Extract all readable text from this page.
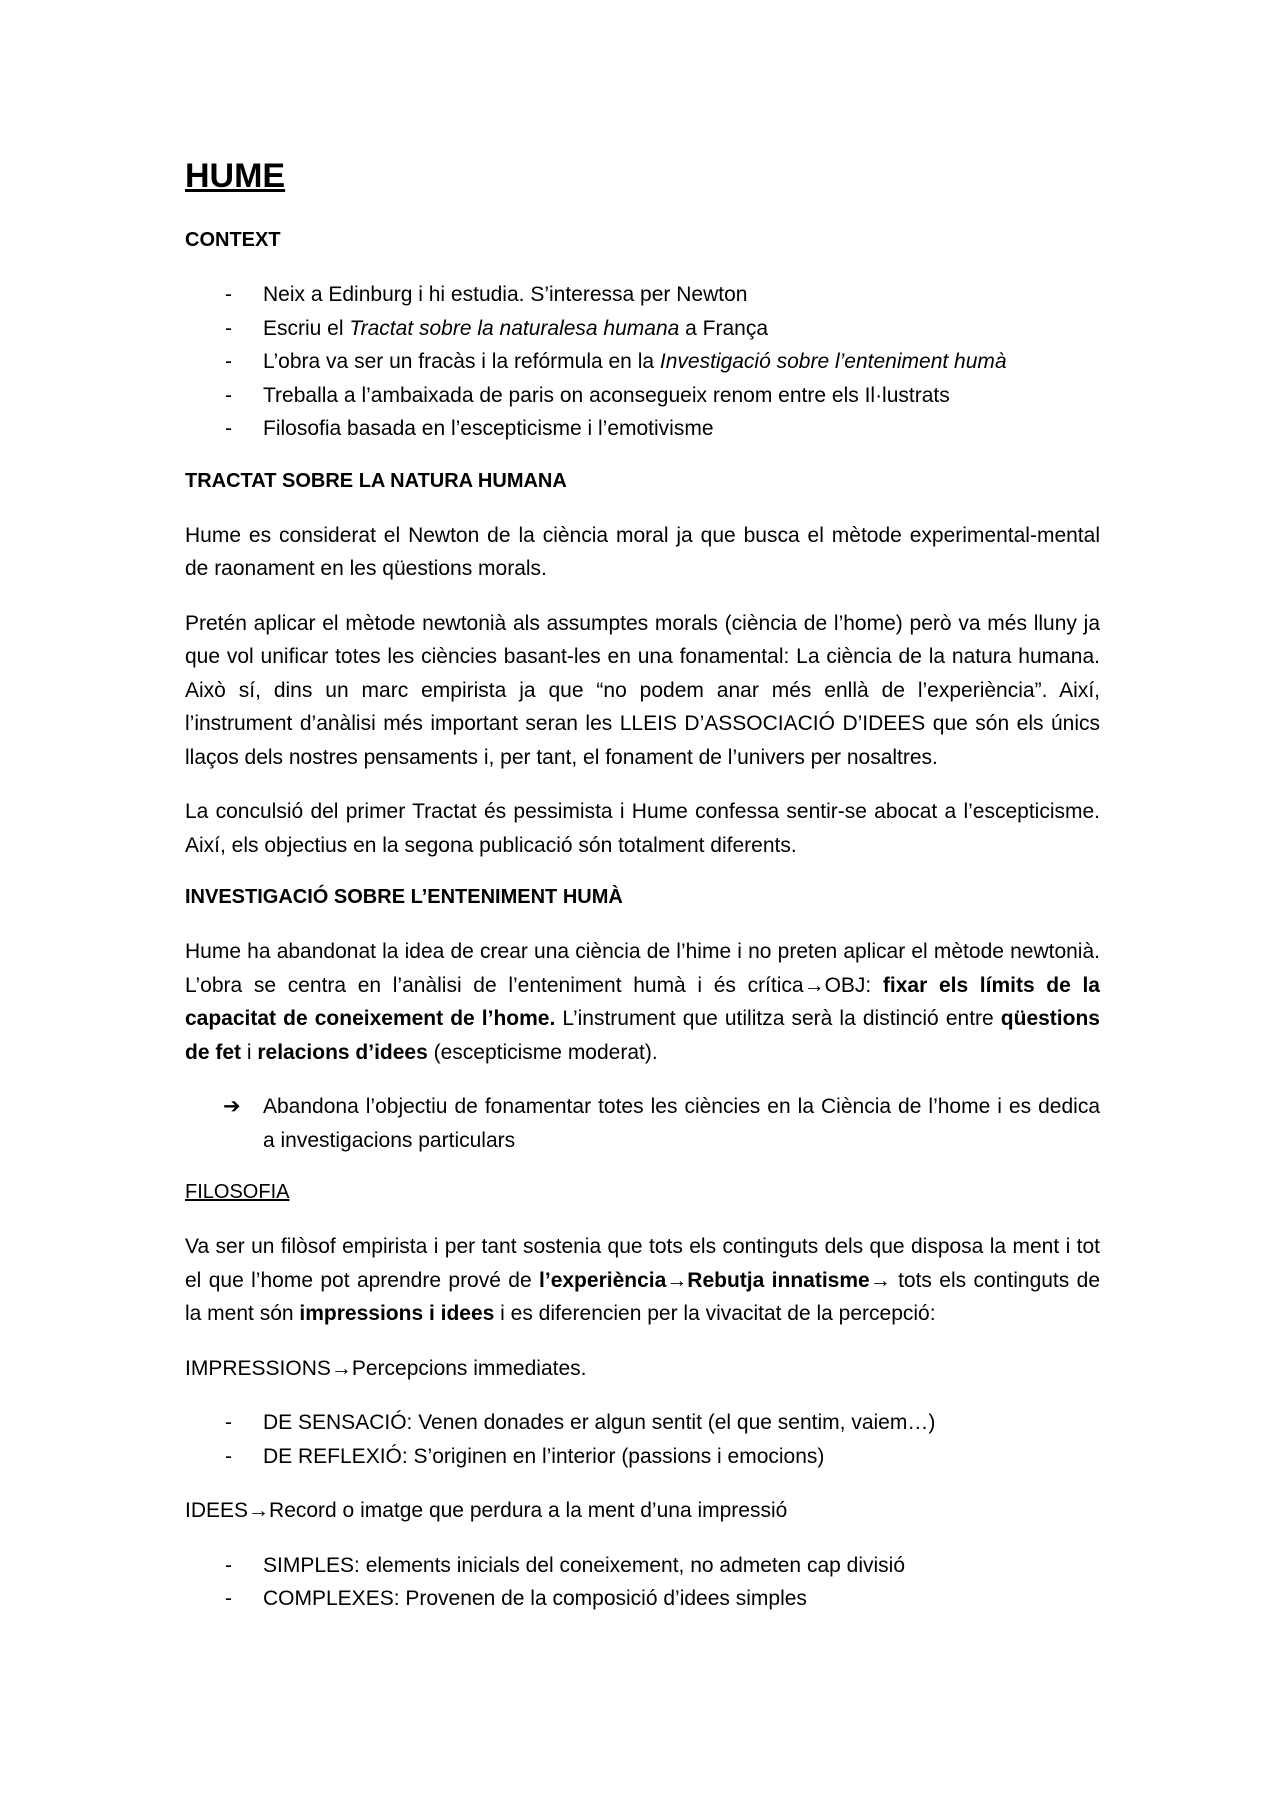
HUME
CONTEXT
- Neix a Edinburg i hi estudia. S’interessa per Newton
- Escriu el Tractat sobre la naturalesa humana a França
- L’obra va ser un fracàs i la refórmula en la Investigació sobre l’enteniment humà
- Treballa a l’ambaixada de paris on aconsegueix renom entre els Il·lustrats
- Filosofia basada en l’escepticisme i l’emotivisme
TRACTAT SOBRE LA NATURA HUMANA

Hume es considerat el Newton de la ciència moral ja que busca el mètode experimental-mental de raonament en les qüestions morals.

Pretén aplicar el mètode newtonià als assumptes morals (ciència de l’home) però va més lluny ja que vol unificar totes les ciències basant-les en una fonamental: La ciència de la natura humana. Això sí, dins un marc empirista ja que “no podem anar més enllà de l’experiència”. Així, l’instrument d’anàlisi més important seran les LLEIS D’ASSOCIACIÓ D’IDEES que són els únics llaços dels nostres pensaments i, per tant, el fonament de l’univers per nosaltres.

La conculsió del primer Tractat és pessimista i Hume confessa sentir-se abocat a l’escepticisme. Així, els objectius en la segona publicació són totalment diferents.

INVESTIGACIÓ SOBRE L’ENTENIMENT HUMÀ

Hume ha abandonat la idea de crear una ciència de l’hime i no preten aplicar el mètode newtonià. L’obra se centra en l’anàlisi de l’enteniment humà i és crítica→OBJ: fixar els límits de la capacitat de coneixement de l’home. L’instrument que utilitza serà la distinció entre qüestions de fet i relacions d’idees (escepticisme moderat).

➔ Abandona l’objectiu de fonamentar totes les ciències en la Ciència de l’home i es dedica a investigacions particulars
FILOSOFIA

Va ser un filòsof empirista i per tant sostenia que tots els continguts dels que disposa la ment i tot el que l’home pot aprendre prové de l’experiència→Rebutja innatisme→ tots els continguts de la ment són impressions i idees i es diferencien per la vivacitat de la percepció:

IMPRESSIONS→Percepcions immediates.

- DE SENSACIÓ: Venen donades er algun sentit (el que sentim, vaiem…)
- DE REFLEXIÓ: S’originen en l’interior (passions i emocions)

IDEES→Record o imatge que perdura a la ment d’una impressió

- SIMPLES: elements inicials del coneixement, no admeten cap divisió
- COMPLEXES: Provenen de la composició d’idees simples
